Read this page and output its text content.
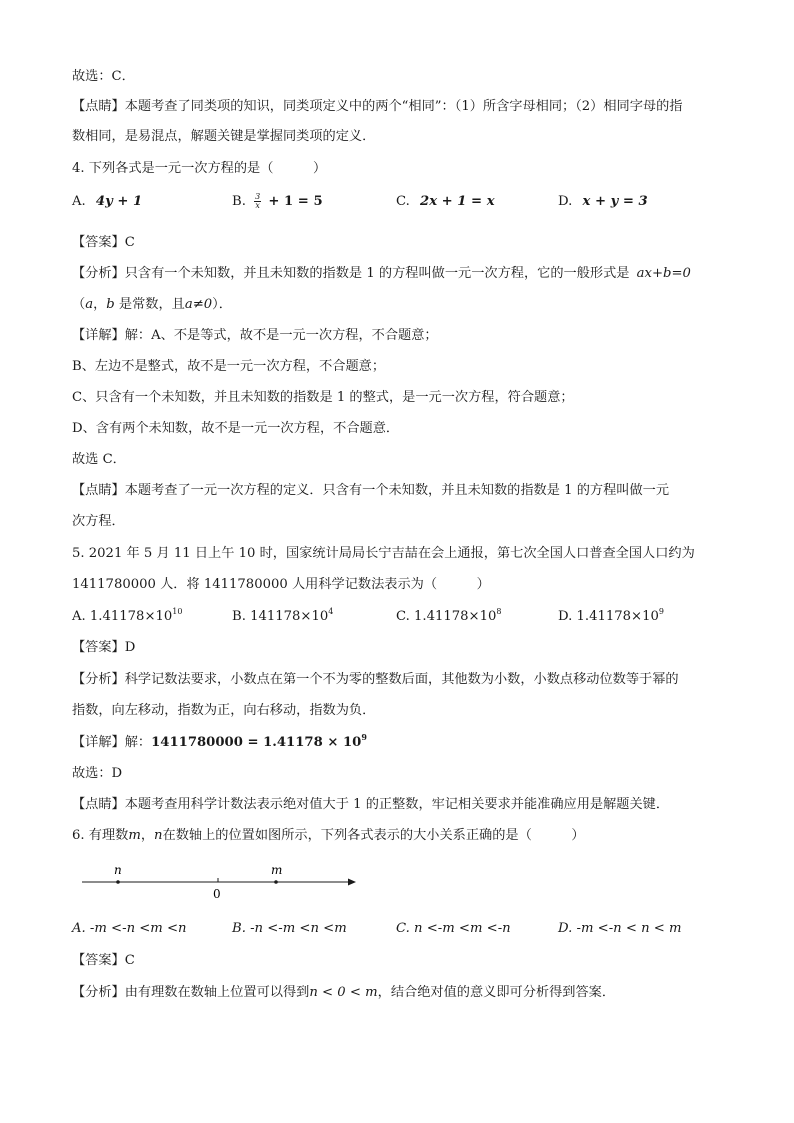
故选：C．
【点睛】本题考查了同类项的知识，同类项定义中的两个“相同”：（1）所含字母相同；（2）相同字母的指
数相同，是易混点，解题关键是掌握同类项的定义．
4. 下列各式是一元一次方程的是（　　　）
A. 4y + 1	B. $\frac{3}{x} + 1 = 5$	C. 2x + 1 = x	D. x + y = 3
【答案】C
【分析】只含有一个未知数，并且未知数的指数是 1 的方程叫做一元一次方程，它的一般形式是 ax+b=0
（a，b 是常数，且a≠0）．
【详解】解：A、不是等式，故不是一元一次方程，不合题意；
B、左边不是整式，故不是一元一次方程，不合题意；
C、只含有一个未知数，并且未知数的指数是 1 的整式，是一元一次方程，符合题意；
D、含有两个未知数，故不是一元一次方程，不合题意．
故选 C．
【点睛】本题考查了一元一次方程的定义．只含有一个未知数，并且未知数的指数是 1 的方程叫做一元
次方程．
5. 2021 年 5 月 11 日上午 10 时，国家统计局局长宁吉喆在会上通报，第七次全国人口普查全国人口约为
1411780000 人．将 1411780000 人用科学记数法表示为（　　　）
A. $1.41178\times 10^{10}$	B. $141178\times 10^4$	C. $1.41178\times 10^8$	D. $1.41178\times 10^9$
【答案】D
【分析】科学记数法要求，小数点在第一个不为零的整数后面，其他数为小数，小数点移动位数等于幂的
指数，向左移动，指数为正，向右移动，指数为负．
【详解】解：$1411780000 = 1.41178 \times 10^9$
故选：D
【点睛】本题考查用科学计数法表示绝对值大于 1 的正整数，牢记相关要求并能准确应用是解题关键．
6. 有理数m，n在数轴上的位置如图所示，下列各式表示的大小关系正确的是（　　　）
n	m
0
A. -m <-n <m <n	B. -n <-m <n <m	C. n <-m <m <-n	D. -m <-n < n < m
【答案】C
【分析】由有理数在数轴上位置可以得到n < 0 < m，结合绝对值的意义即可分析得到答案．
